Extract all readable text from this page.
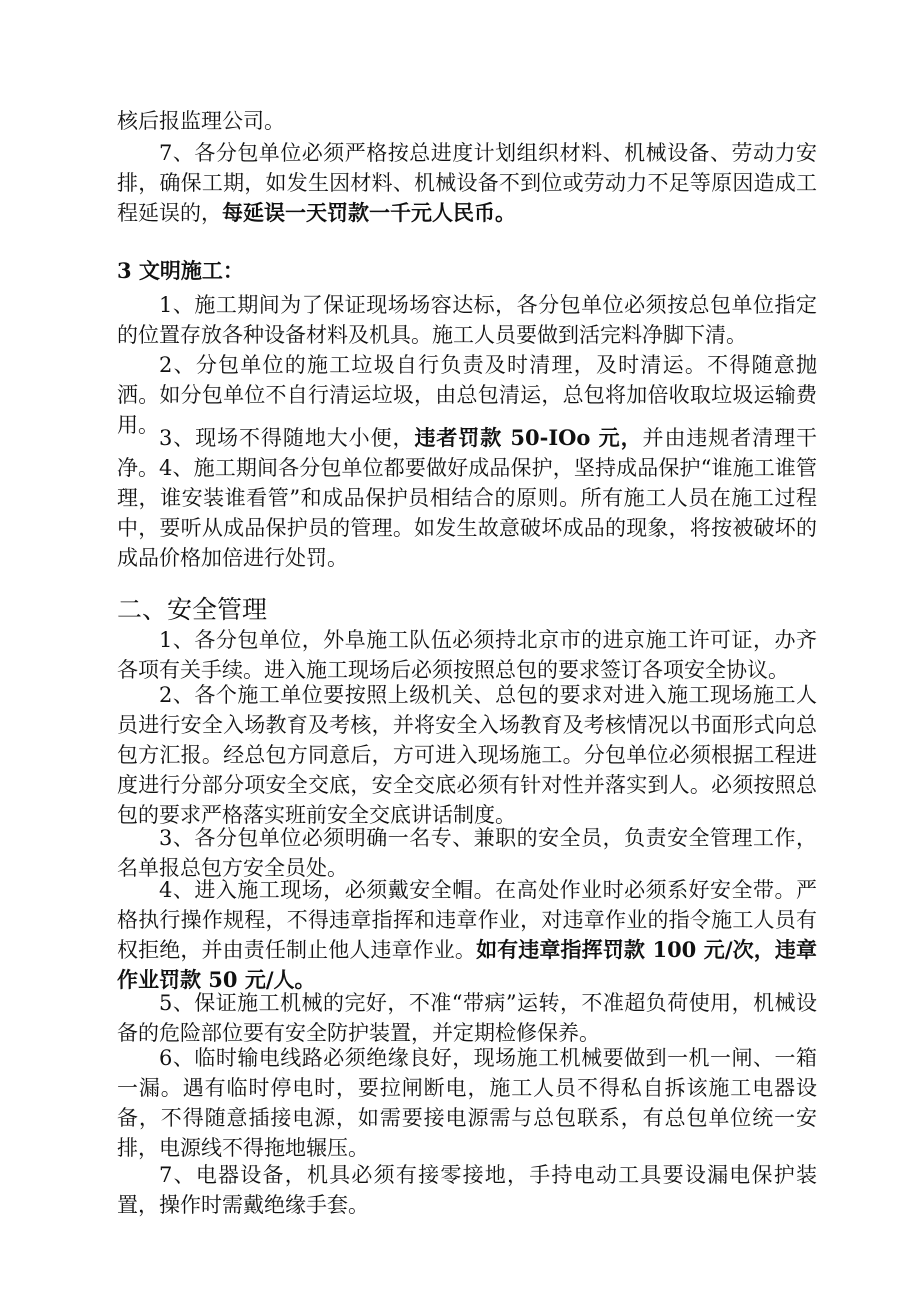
核后报监理公司。

7、各分包单位必须严格按总进度计划组织材料、机械设备、劳动力安排，确保工期，如发生因材料、机械设备不到位或劳动力不足等原因造成工程延误的，每延误一天罚款一千元人民币。

3 文明施工：

1、施工期间为了保证现场场容达标，各分包单位必须按总包单位指定的位置存放各种设备材料及机具。施工人员要做到活完料净脚下清。

2、分包单位的施工垃圾自行负责及时清理，及时清运。不得随意抛洒。如分包单位不自行清运垃圾，由总包清运，总包将加倍收取垃圾运输费用。

3、现场不得随地大小便，违者罚款 50-IOo 元，并由违规者清理干净。 4、施工期间各分包单位都要做好成品保护，坚持成品保护“谁施工谁管理，谁安装谁看管”和成品保护员相结合的原则。所有施工人员在施工过程中，要听从成品保护员的管理。如发生故意破坏成品的现象，将按被破坏的成品价格加倍进行处罚。

二、安全管理

1、各分包单位，外阜施工队伍必须持北京市的进京施工许可证，办齐各项有关手续。进入施工现场后必须按照总包的要求签订各项安全协议。

2、各个施工单位要按照上级机关、总包的要求对进入施工现场施工人员进行安全入场教育及考核，并将安全入场教育及考核情况以书面形式向总包方汇报。经总包方同意后，方可进入现场施工。分包单位必须根据工程进度进行分部分项安全交底，安全交底必须有针对性并落实到人。必须按照总包的要求严格落实班前安全交底讲话制度。

3、各分包单位必须明确一名专、兼职的安全员，负责安全管理工作，名单报总包方安全员处。

4、进入施工现场，必须戴安全帽。在高处作业时必须系好安全带。严格执行操作规程，不得违章指挥和违章作业，对违章作业的指令施工人员有权拒绝，并由责任制止他人违章作业。如有违章指挥罚款 100 元/次，违章作业罚款 50 元/人。

5、保证施工机械的完好，不准“带病”运转，不准超负荷使用，机械设备的危险部位要有安全防护装置，并定期检修保养。

6、临时输电线路必须绝缘良好，现场施工机械要做到一机一闸、一箱一漏。遇有临时停电时，要拉闸断电，施工人员不得私自拆该施工电器设备，不得随意插接电源，如需要接电源需与总包联系，有总包单位统一安排，电源线不得拖地辗压。

7、电器设备，机具必须有接零接地，手持电动工具要设漏电保护装置，操作时需戴绝缘手套。
